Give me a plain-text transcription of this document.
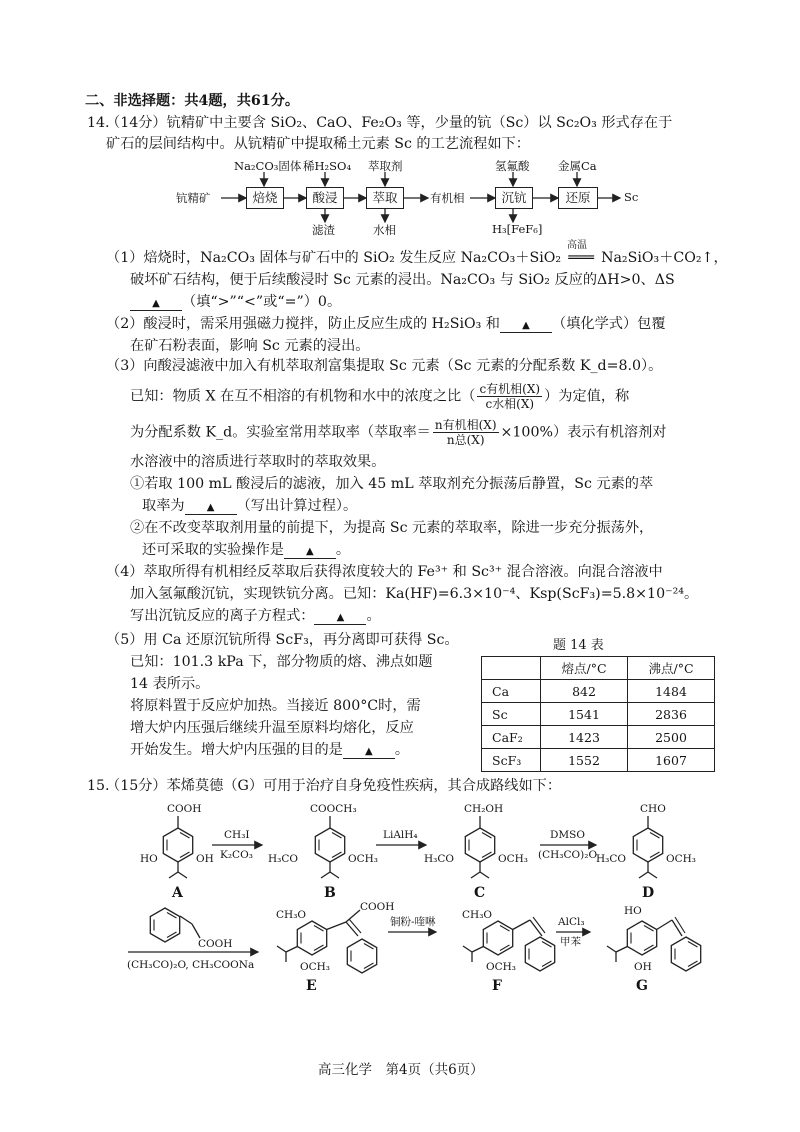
二、非选择题：共4题，共61分。
14.
（14分）钪精矿中主要含 SiO₂、CaO、Fe₂O₃ 等，少量的钪（Sc）以 Sc₂O₃ 形式存在于
矿石的层间结构中。从钪精矿中提取稀土元素 Sc 的工艺流程如下：
钪精矿	焙烧	酸浸	萃取	有机相	沉钪	还原	Sc
Na₂CO₃固体 稀H₂SO₄ 萃取剂	氢氟酸 金属Ca
滤渣	水相	H₃[FeF₆]
（1）焙烧时，Na₂CO₃ 固体与矿石中的 SiO₂ 发生反应 Na₂CO₃＋SiO₂
高温
═══ Na₂SiO₃＋CO₂↑，
破坏矿石结构，便于后续酸浸时 Sc 元素的浸出。Na₂CO₃ 与 SiO₂ 反应的ΔH>0、ΔS
▲ （填“>”“<”或“=”）0。
（2）酸浸时，需采用强磁力搅拌，防止反应生成的 H₂SiO₃ 和 ▲ （填化学式）包覆
在矿石粉表面，影响 Sc 元素的浸出。
（3）向酸浸滤液中加入有机萃取剂富集提取 Sc 元素（Sc 元素的分配系数 K_d=8.0）。
已知：物质 X 在互不相溶的有机物和水中的浓度之比（ $\frac{\text{c有机相(X)}}{\text{c水相(X)}}$ ）为定值，称
为分配系数 K_d。实验室常用萃取率（萃取率＝ $\frac{\text{n有机相(X)}}{\text{n总(X)}} \times 100\%$）表示有机溶剂对
水溶液中的溶质进行萃取时的萃取效果。
①若取 100 mL 酸浸后的滤液，加入 45 mL 萃取剂充分振荡后静置，Sc 元素的萃
取率为 ▲ （写出计算过程）。
②在不改变萃取剂用量的前提下，为提高 Sc 元素的萃取率，除进一步充分振荡外，
还可采取的实验操作是 ▲ 。
（4）萃取所得有机相经反萃取后获得浓度较大的 Fe³⁺ 和 Sc³⁺ 混合溶液。向混合溶液中
加入氢氟酸沉钪，实现铁钪分离。已知：Ka(HF)=6.3×10⁻⁴、Ksp(ScF₃)=5.8×10⁻²⁴。
写出沉钪反应的离子方程式： ▲ 。
（5）用 Ca 还原沉钪所得 ScF₃，再分离即可获得 Sc。
已知：101.3 kPa 下，部分物质的熔、沸点如题
14 表所示。
将原料置于反应炉加热。当接近 800°C时，需
增大炉内压强后继续升温至原料均熔化，反应
开始发生。增大炉内压强的目的是 ▲ 。
题 14 表
	熔点/°C	沸点/°C
Ca	842	1484
Sc	1541	2836
CaF₂	1423	2500
ScF₃	1552	1607
15.
（15分）苯烯莫德（G）可用于治疗自身免疫性疾病，其合成路线如下：
COOH
HO	OH
A
CH₃I
K₂CO₃
COOCH₃
H₃CO	OCH₃
B
LiAlH₄
CH₂OH
H₃CO	OCH₃
C
DMSO
(CH₃CO)₂O
CHO
H₃CO	OCH₃
D
COOH
(CH₃CO)₂O, CH₃COONa
CH₃O
COOH
OCH₃
E
铜粉-喹啉
CH₃O
OCH₃
F
AlCl₃
甲苯
HO
OH
G
高三化学　第4页（共6页）
